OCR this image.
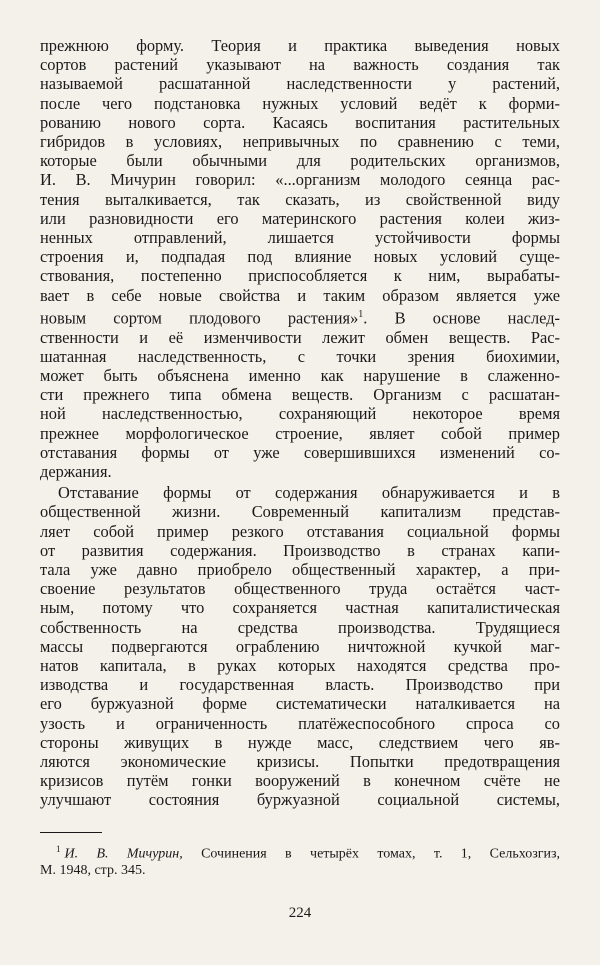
прежнюю форму. Теория и практика выведения новых

сортов растений указывают на важность создания так

называемой расшатанной наследственности у растений,

после чего подстановка нужных условий ведёт к форми-

рованию нового сорта. Касаясь воспитания растительных

гибридов в условиях, непривычных по сравнению с теми,

которые были обычными для родительских организмов,

И. В. Мичурин говорил: «...организм молодого сеянца рас-

тения выталкивается, так сказать, из свойственной виду

или разновидности его материнского растения колеи жиз-

ненных отправлений, лишается устойчивости формы

строения и, подпадая под влияние новых условий суще-

ствования, постепенно приспособляется к ним, вырабаты-

вает в себе новые свойства и таким образом является уже

новым сортом плодового растения»$^1$. В основе наслед-

ственности и её изменчивости лежит обмен веществ. Рас-

шатанная наследственность, с точки зрения биохимии,

может быть объяснена именно как нарушение в слаженно-

сти прежнего типа обмена веществ. Организм с расшатан-

ной наследственностью, сохраняющий некоторое время

прежнее морфологическое строение, являет собой пример

отставания формы от уже совершившихся изменений со-

держания.

Отставание формы от содержания обнаруживается и в

общественной жизни. Современный капитализм представ-

ляет собой пример резкого отставания социальной формы

от развития содержания. Производство в странах капи-

тала уже давно приобрело общественный характер, а при-

своение результатов общественного труда остаётся част-

ным, потому что сохраняется частная капиталистическая

собственность на средства производства. Трудящиеся

массы подвергаются ограблению ничтожной кучкой маг-

натов капитала, в руках которых находятся средства про-

изводства и государственная власть. Производство при

его буржуазной форме систематически наталкивается на

узость и ограниченность платёжеспособного спроса со

стороны живущих в нужде масс, следствием чего яв-

ляются экономические кризисы. Попытки предотвращения

кризисов путём гонки вооружений в конечном счёте не

улучшают состояния буржуазной социальной системы,

$^1$ И. В. Мичурин, Сочинения в четырёх томах, т. 1, Сельхозгиз,

М. 1948, стр. 345.

224
